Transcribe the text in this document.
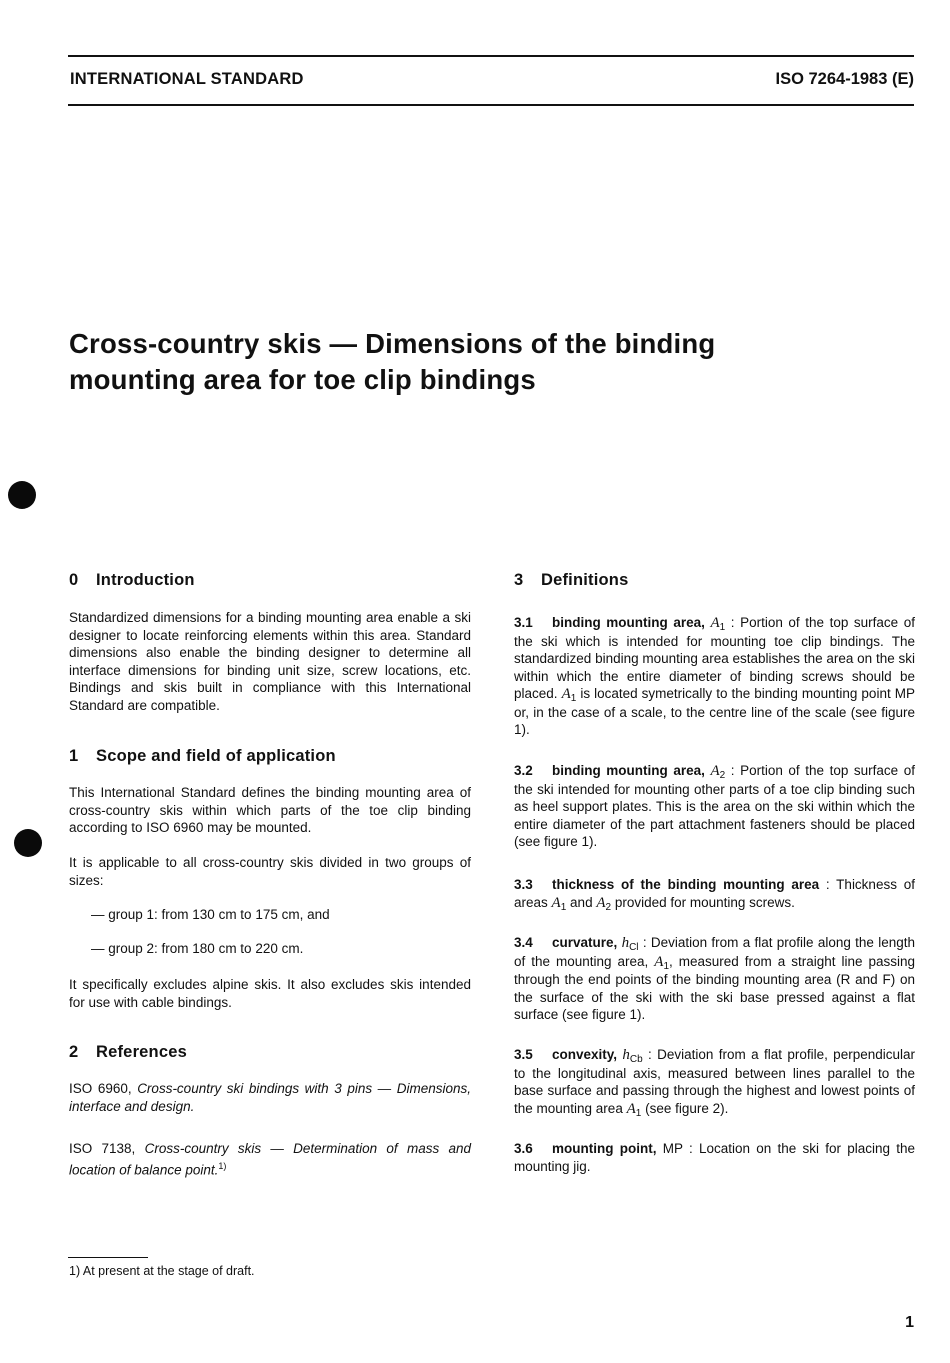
INTERNATIONAL STANDARD	ISO 7264-1983 (E)
Cross-country skis — Dimensions of the binding
mounting area for toe clip bindings
0 Introduction

Standardized dimensions for a binding mounting area enable a ski designer to locate reinforcing elements within this area. Standard dimensions also enable the binding designer to determine all interface dimensions for binding unit size, screw locations, etc. Bindings and skis built in compliance with this International Standard are compatible.

1 Scope and field of application

This International Standard defines the binding mounting area of cross-country skis within which parts of the toe clip binding according to ISO 6960 may be mounted.

It is applicable to all cross-country skis divided in two groups of sizes:

— group 1: from 130 cm to 175 cm, and
— group 2: from 180 cm to 220 cm.

It specifically excludes alpine skis. It also excludes skis intended for use with cable bindings.

2 References

ISO 6960, Cross-country ski bindings with 3 pins — Dimensions, interface and design.

ISO 7138, Cross-country skis — Determination of mass and location of balance point.$^{1)}$

3 Definitions

3.1 binding mounting area, $A_1$ : Portion of the top surface of the ski which is intended for mounting toe clip bindings. The standardized binding mounting area establishes the area on the ski within which the entire diameter of binding screws should be placed. $A_1$ is located symetrically to the binding mounting point MP or, in the case of a scale, to the centre line of the scale (see figure 1).

3.2 binding mounting area, $A_2$ : Portion of the top surface of the ski intended for mounting other parts of a toe clip binding such as heel support plates. This is the area on the ski within which the entire diameter of the part attachment fasteners should be placed (see figure 1).

3.3 thickness of the binding mounting area : Thickness of areas $A_1$ and $A_2$ provided for mounting screws.

3.4 curvature, $h_{Cl}$ : Deviation from a flat profile along the length of the mounting area, $A_1$, measured from a straight line passing through the end points of the binding mounting area (R and F) on the surface of the ski with the ski base pressed against a flat surface (see figure 1).

3.5 convexity, $h_{Cb}$ : Deviation from a flat profile, perpendicular to the longitudinal axis, measured between lines parallel to the base surface and passing through the highest and lowest points of the mounting area $A_1$ (see figure 2).

3.6 mounting point, MP : Location on the ski for placing the mounting jig.

1) At present at the stage of draft.
1
